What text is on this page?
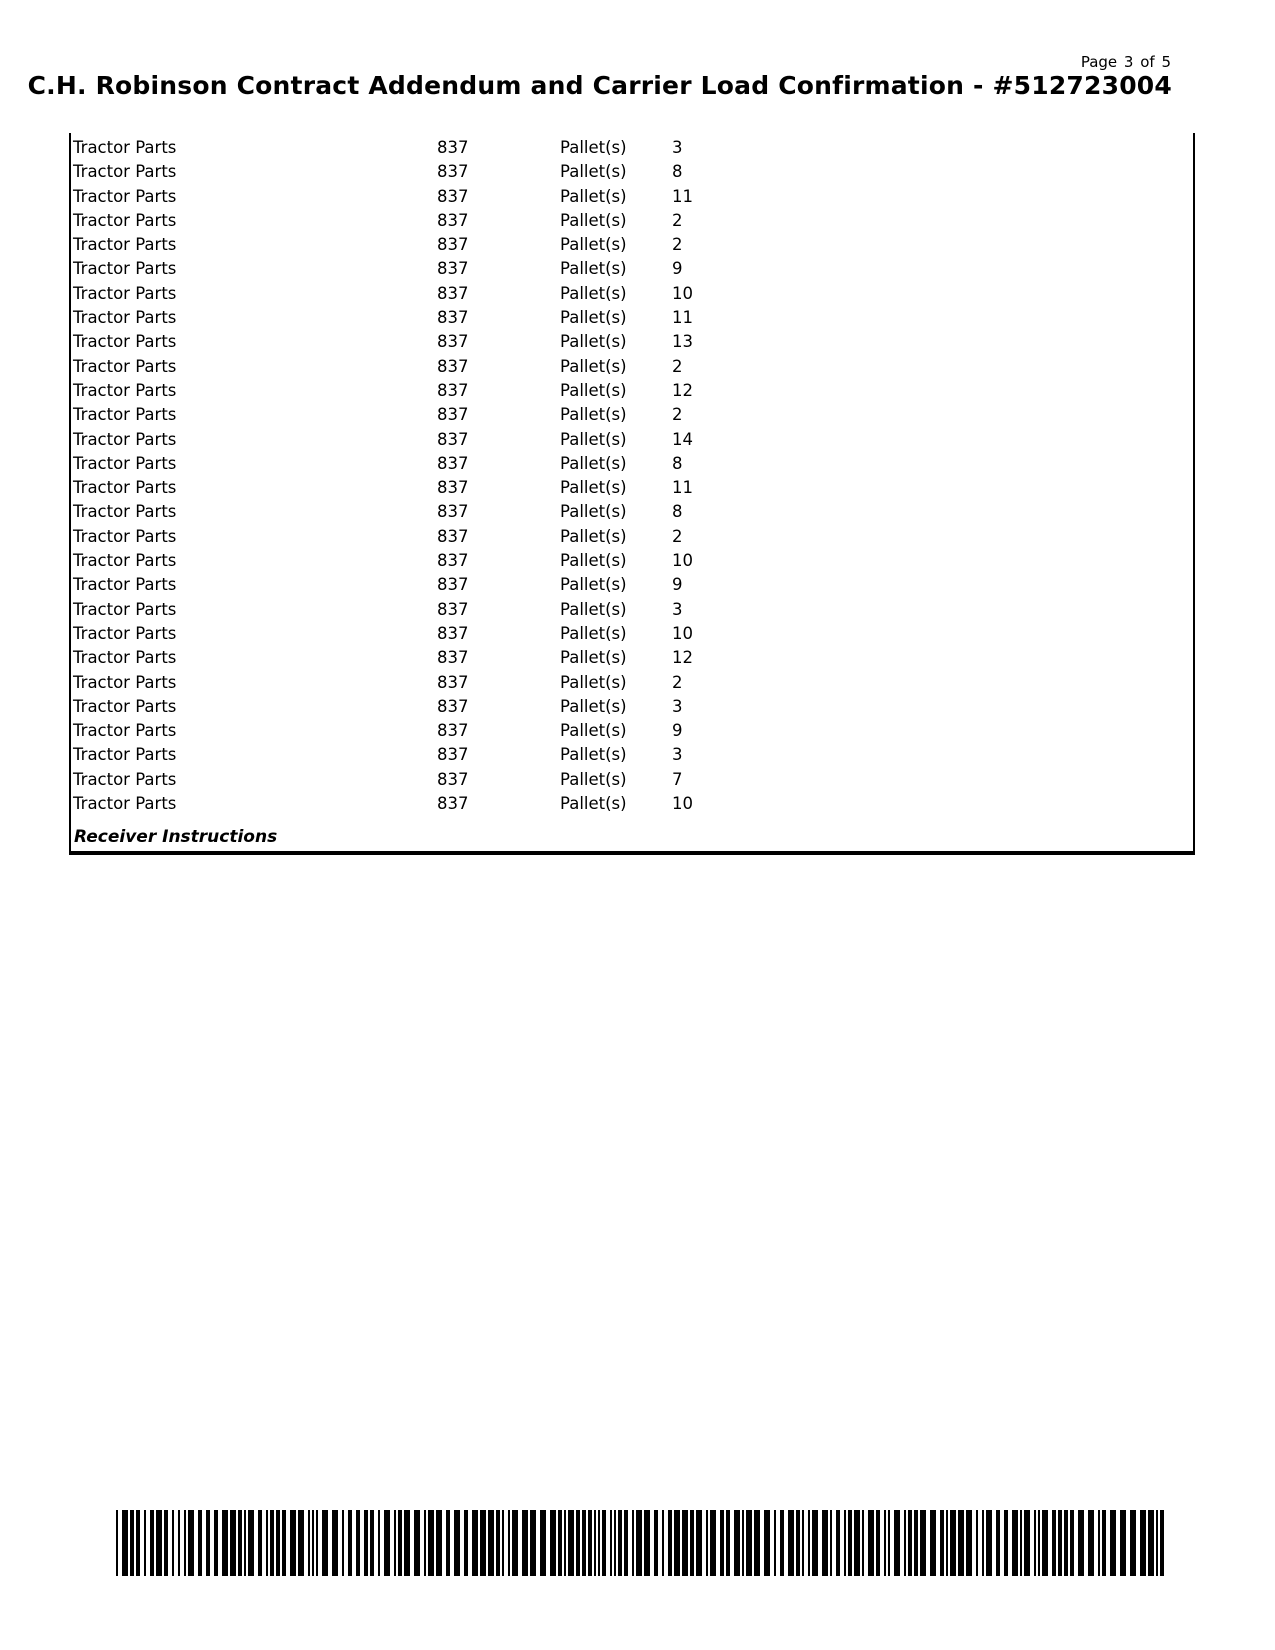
Page 3 of 5
C.H. Robinson Contract Addendum and Carrier Load Confirmation - #512723004
Tractor Parts	837	Pallet(s)	3
Tractor Parts	837	Pallet(s)	8
Tractor Parts	837	Pallet(s)	11
Tractor Parts	837	Pallet(s)	2
Tractor Parts	837	Pallet(s)	2
Tractor Parts	837	Pallet(s)	9
Tractor Parts	837	Pallet(s)	10
Tractor Parts	837	Pallet(s)	11
Tractor Parts	837	Pallet(s)	13
Tractor Parts	837	Pallet(s)	2
Tractor Parts	837	Pallet(s)	12
Tractor Parts	837	Pallet(s)	2
Tractor Parts	837	Pallet(s)	14
Tractor Parts	837	Pallet(s)	8
Tractor Parts	837	Pallet(s)	11
Tractor Parts	837	Pallet(s)	8
Tractor Parts	837	Pallet(s)	2
Tractor Parts	837	Pallet(s)	10
Tractor Parts	837	Pallet(s)	9
Tractor Parts	837	Pallet(s)	3
Tractor Parts	837	Pallet(s)	10
Tractor Parts	837	Pallet(s)	12
Tractor Parts	837	Pallet(s)	2
Tractor Parts	837	Pallet(s)	3
Tractor Parts	837	Pallet(s)	9
Tractor Parts	837	Pallet(s)	3
Tractor Parts	837	Pallet(s)	7
Tractor Parts	837	Pallet(s)	10
Receiver Instructions
